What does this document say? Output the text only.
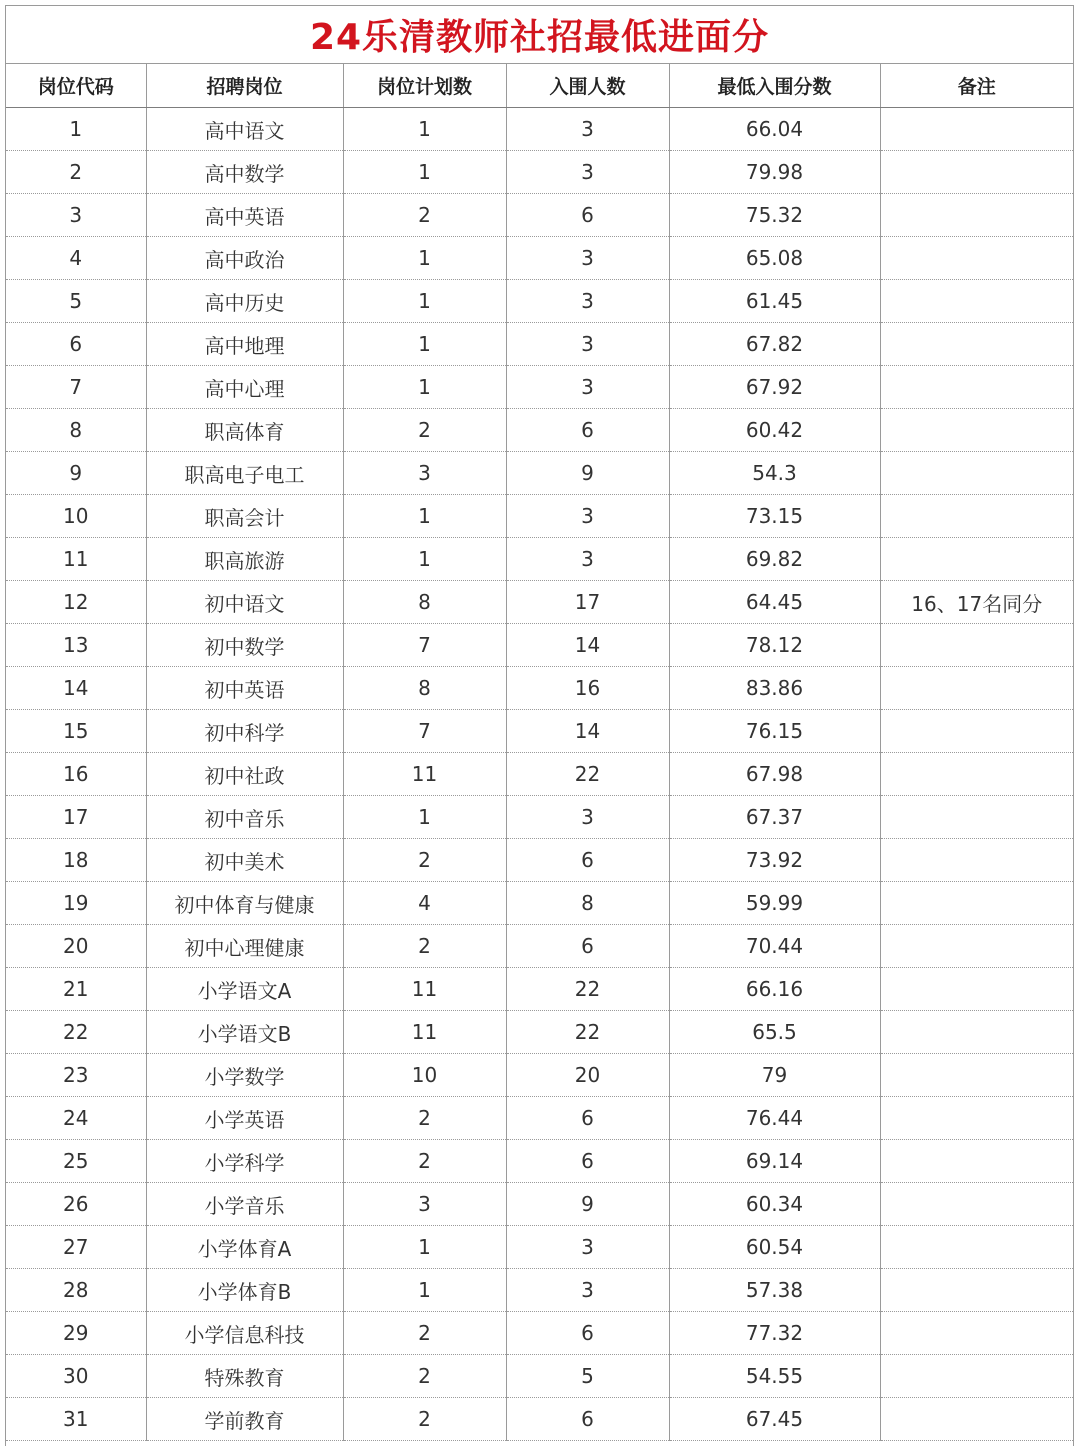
24乐清教师社招最低进面分
岗位代码	招聘岗位	岗位计划数	入围人数	最低入围分数	备注
1	高中语文	1	3	66.04	
2	高中数学	1	3	79.98	
3	高中英语	2	6	75.32	
4	高中政治	1	3	65.08	
5	高中历史	1	3	61.45	
6	高中地理	1	3	67.82	
7	高中心理	1	3	67.92	
8	职高体育	2	6	60.42	
9	职高电子电工	3	9	54.3	
10	职高会计	1	3	73.15	
11	职高旅游	1	3	69.82	
12	初中语文	8	17	64.45	16、17名同分
13	初中数学	7	14	78.12	
14	初中英语	8	16	83.86	
15	初中科学	7	14	76.15	
16	初中社政	11	22	67.98	
17	初中音乐	1	3	67.37	
18	初中美术	2	6	73.92	
19	初中体育与健康	4	8	59.99	
20	初中心理健康	2	6	70.44	
21	小学语文A	11	22	66.16	
22	小学语文B	11	22	65.5	
23	小学数学	10	20	79	
24	小学英语	2	6	76.44	
25	小学科学	2	6	69.14	
26	小学音乐	3	9	60.34	
27	小学体育A	1	3	60.54	
28	小学体育B	1	3	57.38	
29	小学信息科技	2	6	77.32	
30	特殊教育	2	5	54.55	
31	学前教育	2	6	67.45	
